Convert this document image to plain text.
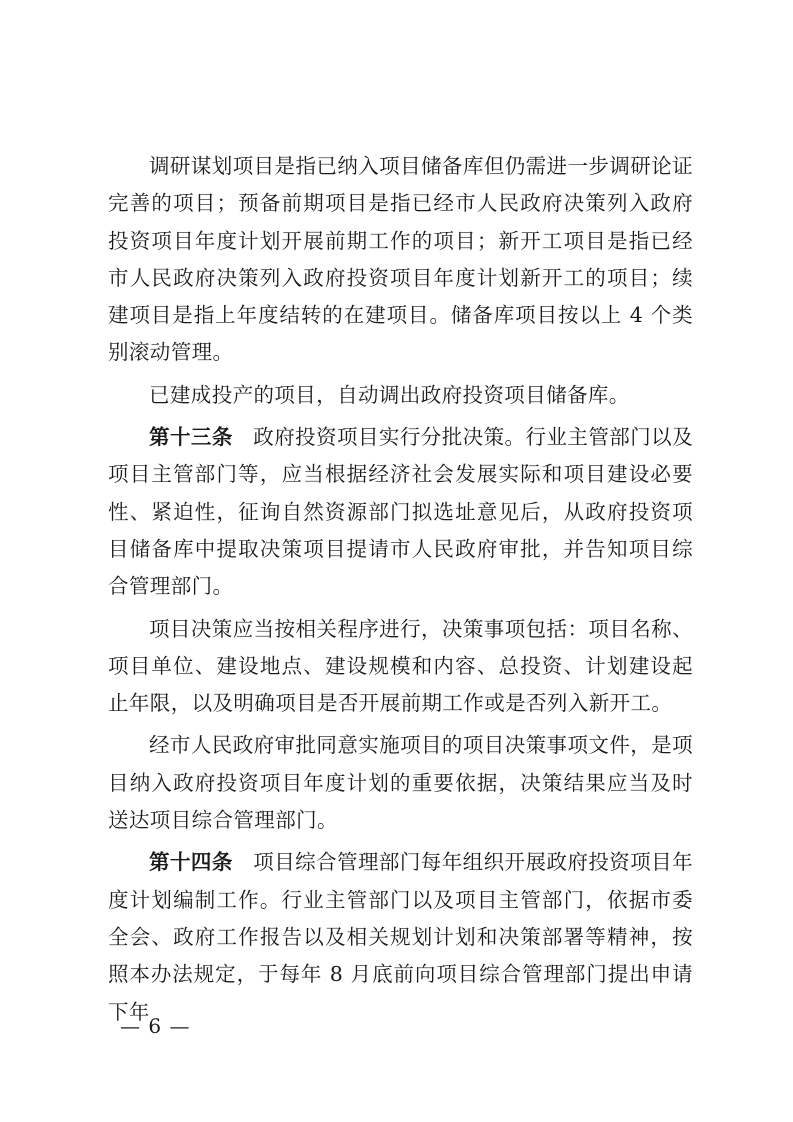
调研谋划项目是指已纳入项目储备库但仍需进一步调研论证完善的项目；预备前期项目是指已经市人民政府决策列入政府投资项目年度计划开展前期工作的项目；新开工项目是指已经市人民政府决策列入政府投资项目年度计划新开工的项目；续建项目是指上年度结转的在建项目。储备库项目按以上 4 个类别滚动管理。

已建成投产的项目，自动调出政府投资项目储备库。

第十三条 政府投资项目实行分批决策。行业主管部门以及项目主管部门等，应当根据经济社会发展实际和项目建设必要性、紧迫性，征询自然资源部门拟选址意见后，从政府投资项目储备库中提取决策项目提请市人民政府审批，并告知项目综合管理部门。

项目决策应当按相关程序进行，决策事项包括：项目名称、项目单位、建设地点、建设规模和内容、总投资、计划建设起止年限，以及明确项目是否开展前期工作或是否列入新开工。

经市人民政府审批同意实施项目的项目决策事项文件，是项目纳入政府投资项目年度计划的重要依据，决策结果应当及时送达项目综合管理部门。

第十四条 项目综合管理部门每年组织开展政府投资项目年度计划编制工作。行业主管部门以及项目主管部门，依据市委全会、政府工作报告以及相关规划计划和决策部署等精神，按照本办法规定，于每年 8 月底前向项目综合管理部门提出申请下年

— 6 —
